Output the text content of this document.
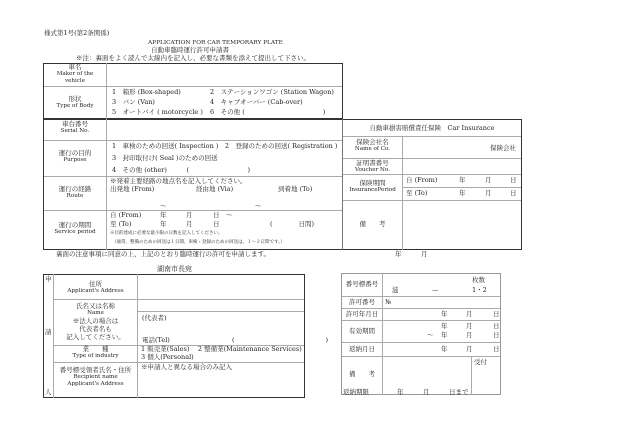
様式第1号(第2条関係)
APPLICATION FOR CAR TEMPORARY PLATE
自動車臨時運行許可申請書
※注：裏面をよく読んで太線内を記入し、必要な書類を添えて提出して下さい。
車名
Maker of the
vehicle
形状
Type of Body
1　箱形 (Box-shaped)	2　ステーションワゴン (Station Wagon)
3　バン (Van)	4　キャブオーバー (Cab-over)
5　オートバイ ( motorcycle ) 6　その他 (　　　　　　　　　　　　)
車台番号
Serial No.
運行の目的
Purpose
1　車検のための回送( Inspection )　2　登録のための回送( Registration )
3　封印取付け( Seal )のための回送
4　その他 (other)　　　(　　　　　　　　　)
運行の経路
Route
※発着主要経路の地点名を記入してください。
出発地 (From)	経由地 (Via)	到着地 (To)
〜	〜
運行の期間
Service period
自 (From)	年	月	日 〜
至 (To)	年	月	日	(　　　　日間)
※目的達成に必要な最小限の日数を記入してください。
（通常、整備のための回送は１日間、車検・登録のための回送は、１〜２日間です。）
自動車損害賠償責任保険　Car Insurance
保険会社名
Name of Co.	保険会社
証明書番号
Voucher No.
保険期間
InsurancePeriod
自 (From)	年	月	日
至 (To)	年	月	日
備　　考
裏面の注意事項に同意の上、上記のとおり臨時運行の許可を申請します。	年	月
湖南市長宛
申
請
人
住所
Applicant's Address
氏名又は名称
Name
※法人の場合は
代表者名も
記入してください。
(代表者)
電話(Tel)	(　　　　　　　　　　　　　　)
業　　種
Type of industry
1 販売業(Sales)　 2 整備業(Maintenance Services)
3 個人(Personal)
番号標受領者氏名・住所
Recipient name
Applicant's Address
※申請人と異なる場合のみ記入
番号標番号	枚数
滋	—	1・2
許可番号	№
許可年月日	年	月	日
有効期間
年	月	日
〜 年	月	日
返納月日	年	月	日
備　　考
受付
返納期限	年	月	日まで
